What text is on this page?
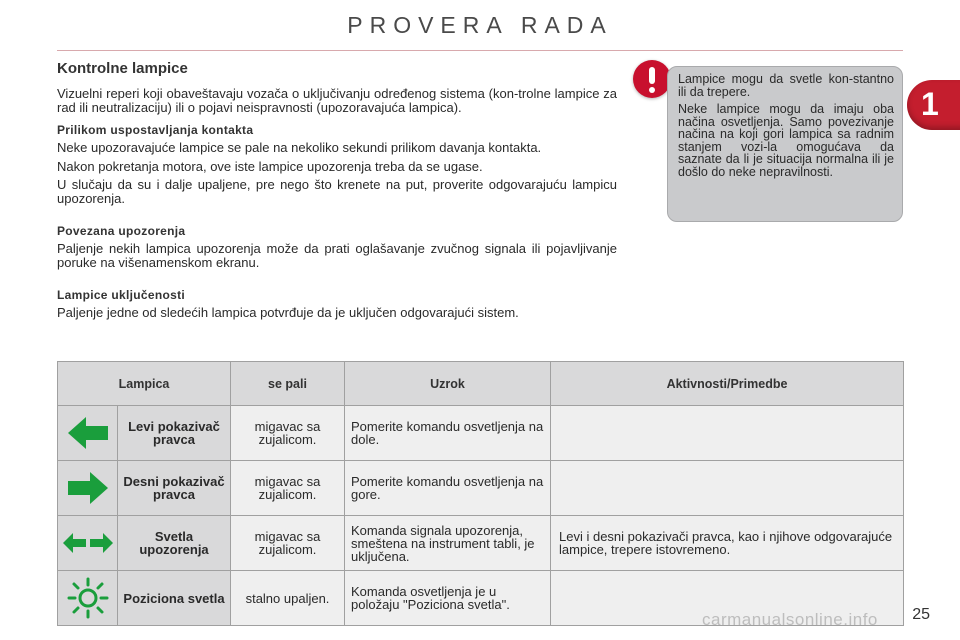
PROVERA RADA
1
Kontrolne lampice

Vizuelni reperi koji obaveštavaju vozača o uključivanju određenog sistema (kon-trolne lampice za rad ili neutralizaciju) ili o pojavi neispravnosti (upozoravajuća lampica).

Prilikom uspostavljanja kontakta

Neke upozoravajuće lampice se pale na nekoliko sekundi prilikom davanja kontakta.

Nakon pokretanja motora, ove iste lampice upozorenja treba da se ugase.

U slučaju da su i dalje upaljene, pre nego što krenete na put, proverite odgovarajuću lampicu upozorenja.

Povezana upozorenja

Paljenje nekih lampica upozorenja može da prati oglašavanje zvučnog signala ili pojavljivanje poruke na višenamenskom ekranu.

Lampice uključenosti

Paljenje jedne od sledećih lampica potvrđuje da je uključen odgovarajući sistem.

Lampice mogu da svetle kon-stantno ili da trepere.

Neke lampice mogu da imaju oba načina osvetljenja. Samo povezivanje načina na koji gori lampica sa radnim stanjem vozi-la omogućava da saznate da li je situacija normalna ili je došlo do neke nepravilnosti.

Lampica		se pali	Uzrok	Aktivnosti/Primedbe

	Levi pokazivač pravca	migavac sa zujalicom.	Pomerite komandu osvetljenja na dole.	

	Desni pokazivač pravca	migavac sa zujalicom.	Pomerite komandu osvetljenja na gore.	

	Svetla upozorenja	migavac sa zujalicom.	Komanda signala upozorenja, smeštena na instrument tabli, je uključena.	Levi i desni pokazivači pravca, kao i njihove odgovarajuće lampice, trepere istovremeno.

	Poziciona svetla	stalno upaljen.	Komanda osvetljenja je u položaju "Poziciona svetla".	
25
carmanualsonline.info
